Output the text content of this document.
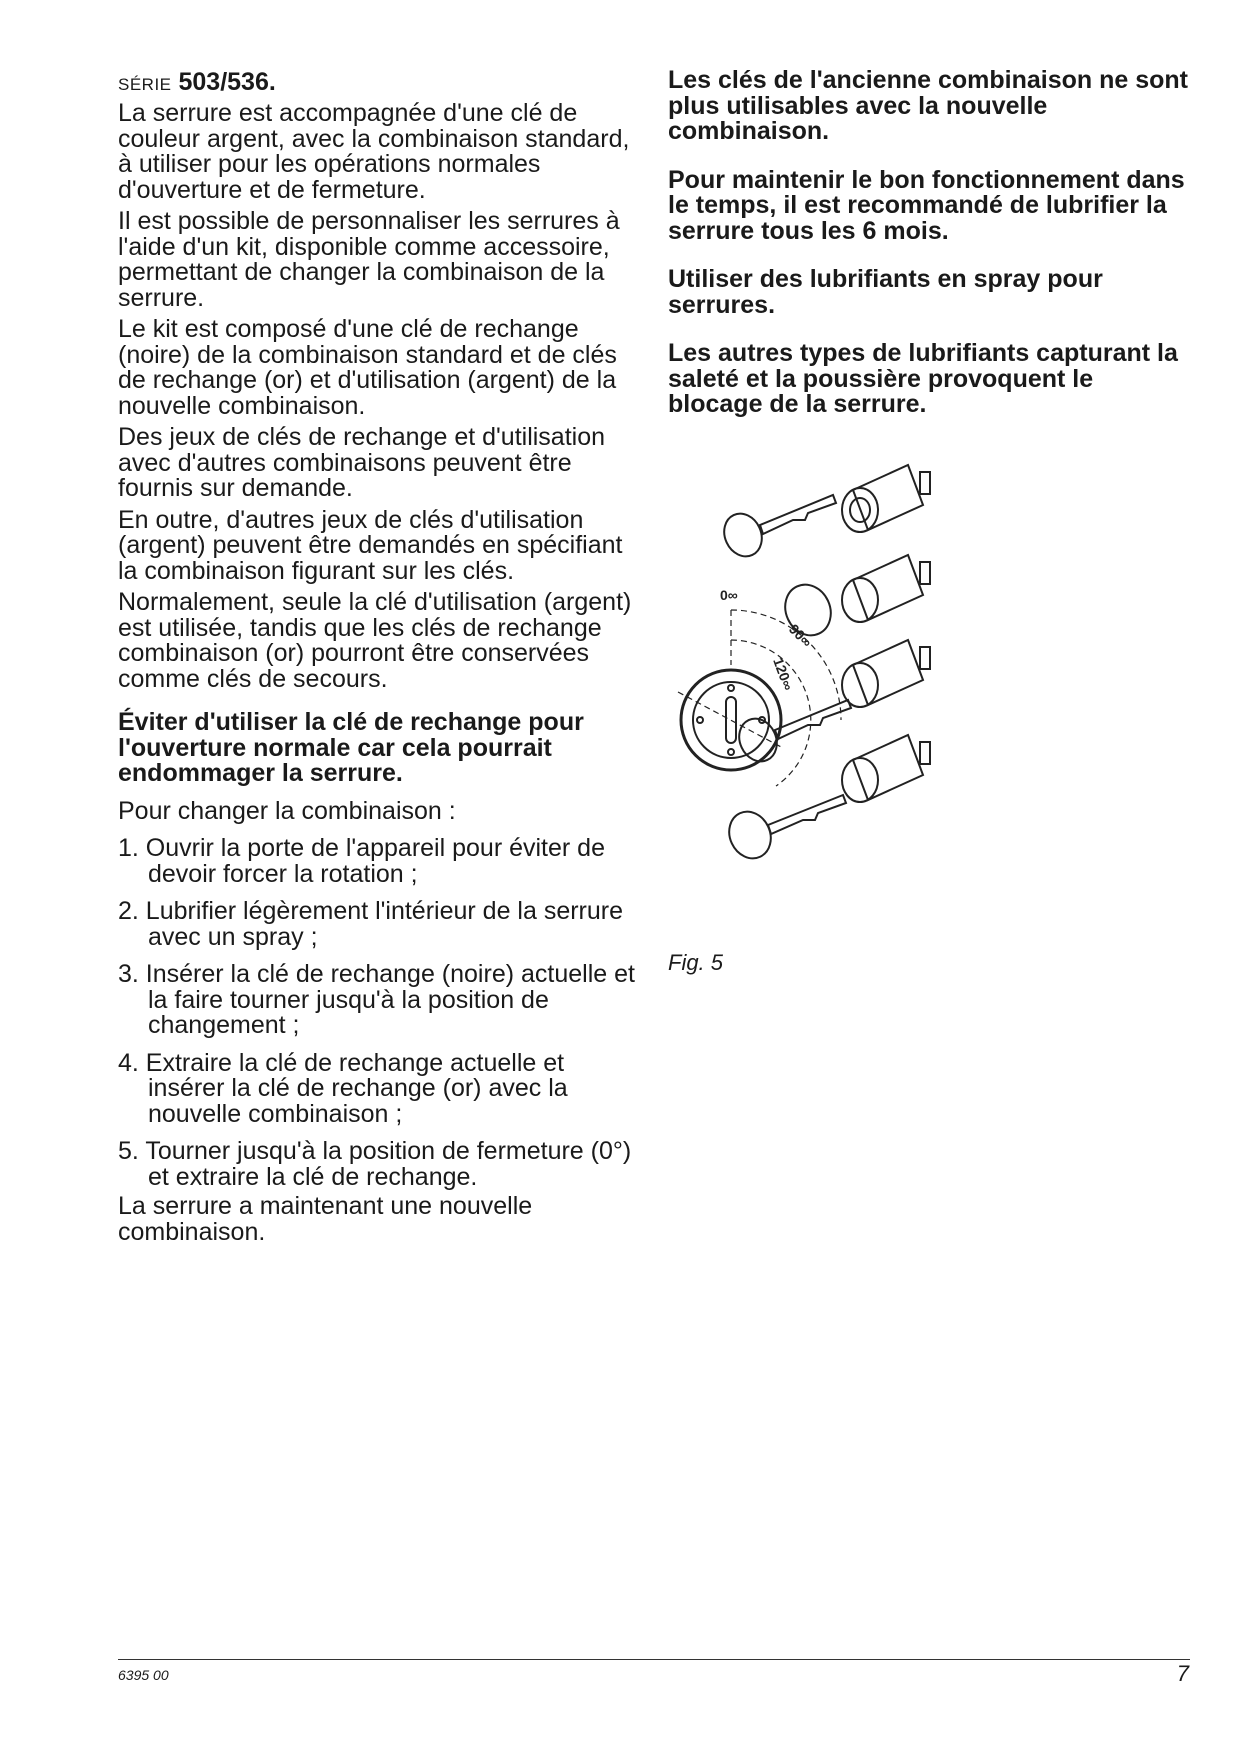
SÉRIE 503/536.

La serrure est accompagnée d'une clé de couleur argent, avec la combinaison standard, à utiliser pour les opérations normales d'ouverture et de fermeture.

Il est possible de personnaliser les serrures à l'aide d'un kit, disponible comme accessoire, permettant de changer la combinaison de la serrure.

Le kit est composé d'une clé de rechange (noire) de la combinaison standard et de clés de rechange (or) et d'utilisation (argent) de la nouvelle combinaison.

Des jeux de clés de rechange et d'utilisation avec d'autres combinaisons peuvent être fournis sur demande.

En outre, d'autres jeux de clés d'utilisation (argent) peuvent être demandés en spécifiant la combinaison figurant sur les clés.

Normalement, seule la clé d'utilisation (argent) est utilisée, tandis que les clés de rechange combinaison (or) pourront être conservées comme clés de secours.

Éviter d'utiliser la clé de rechange pour l'ouverture normale car cela pourrait endommager la serrure.

Pour changer la combinaison :

1. Ouvrir la porte de l'appareil pour éviter de devoir forcer la rotation ;
2. Lubrifier légèrement l'intérieur de la serrure avec un spray ;
3. Insérer la clé de rechange (noire) actuelle et la faire tourner jusqu'à la position de changement ;
4. Extraire la clé de rechange actuelle et insérer la clé de rechange (or) avec la nouvelle combinaison ;
5. Tourner jusqu'à la position de fermeture (0°) et extraire la clé de rechange.

La serrure a maintenant une nouvelle combinaison.

Les clés de l'ancienne combinaison ne sont plus utilisables avec la nouvelle combinaison.

Pour maintenir le bon fonctionnement dans le temps, il est recommandé de lubrifier la serrure tous les 6 mois.

Utiliser des lubrifiants en spray pour serrures.

Les autres types de lubrifiants capturant la saleté et la poussière provoquent le blocage de la serrure.

0∞
90∞
120∞
Fig. 5
6395 00	7
